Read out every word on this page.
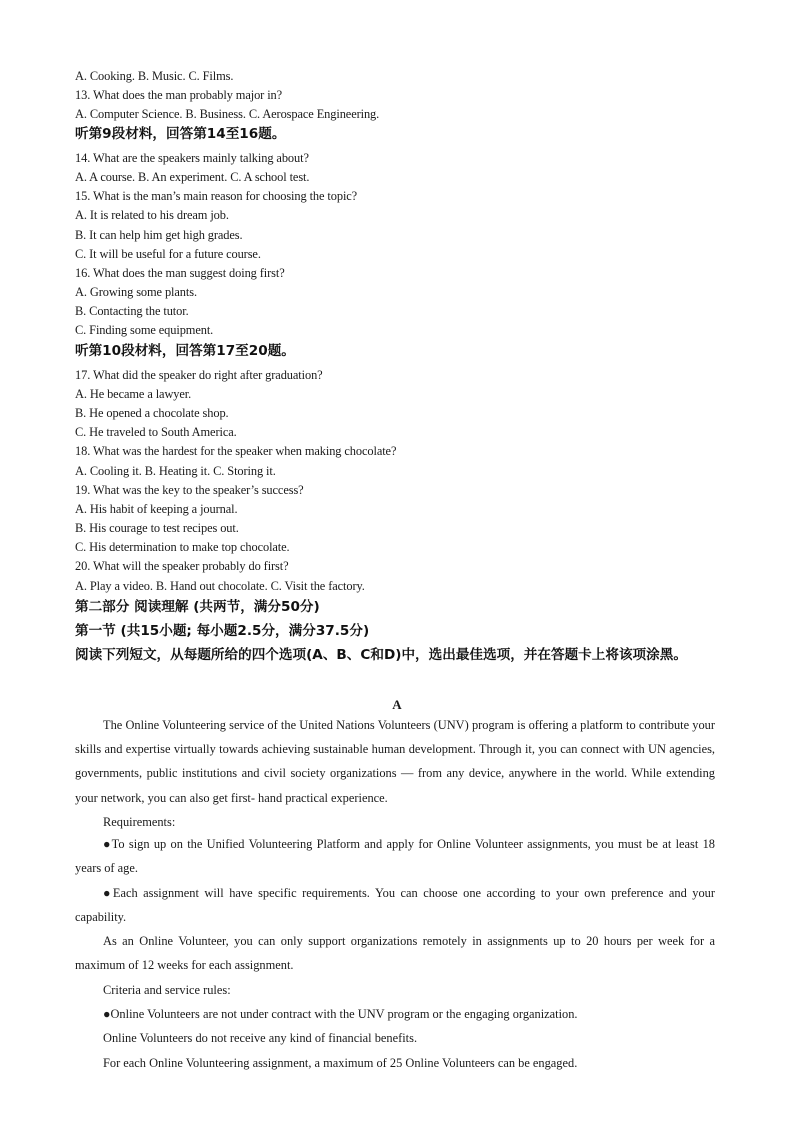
A. Cooking. B. Music. C. Films.
13. What does the man probably major in?
A. Computer Science. B. Business. C. Aerospace Engineering.
听第9段材料，回答第14至16题。
14. What are the speakers mainly talking about?
A. A course. B. An experiment. C. A school test.
15. What is the man’s main reason for choosing the topic?
A. It is related to his dream job.
B. It can help him get high grades.
C. It will be useful for a future course.
16. What does the man suggest doing first?
A. Growing some plants.
B. Contacting the tutor.
C. Finding some equipment.
听第10段材料，回答第17至20题。
17. What did the speaker do right after graduation?
A. He became a lawyer.
B. He opened a chocolate shop.
C. He traveled to South America.
18. What was the hardest for the speaker when making chocolate?
A. Cooling it. B. Heating it. C. Storing it.
19. What was the key to the speaker’s success?
A. His habit of keeping a journal.
B. His courage to test recipes out.
C. His determination to make top chocolate.
20. What will the speaker probably do first?
A. Play a video. B. Hand out chocolate. C. Visit the factory.
第二部分 阅读理解 (共两节，满分50分)
第一节 (共15小题; 每小题2.5分，满分37.5分)
阅读下列短文，从每题所给的四个选项(A、B、C和D)中，选出最佳选项，并在答题卡上将该项涂黑。
A
The Online Volunteering service of the United Nations Volunteers (UNV) program is offering a platform to contribute your skills and expertise virtually towards achieving sustainable human development. Through it, you can connect with UN agencies, governments, public institutions and civil society organizations — from any device, anywhere in the world. While extending your network, you can also get first- hand practical experience.
Requirements:
●To sign up on the Unified Volunteering Platform and apply for Online Volunteer assignments, you must be at least 18 years of age.
●Each assignment will have specific requirements. You can choose one according to your own preference and your capability.
As an Online Volunteer, you can only support organizations remotely in assignments up to 20 hours per week for a maximum of 12 weeks for each assignment.
Criteria and service rules:
●Online Volunteers are not under contract with the UNV program or the engaging organization.
Online Volunteers do not receive any kind of financial benefits.
For each Online Volunteering assignment, a maximum of 25 Online Volunteers can be engaged.
